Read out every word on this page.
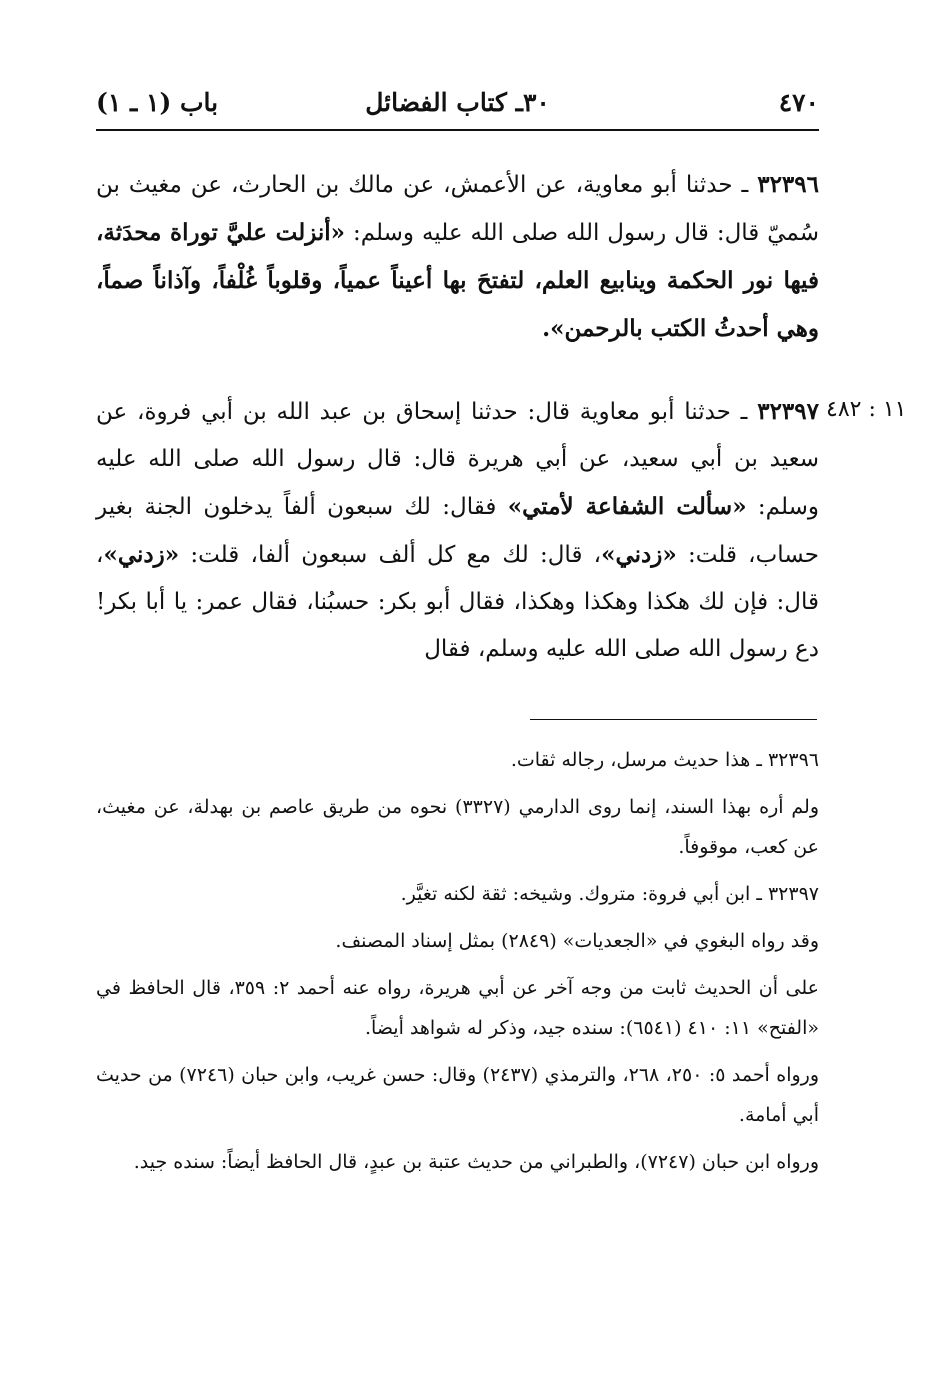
٤٧٠
٣٠ـ كتاب الفضائل
باب (١ ـ ١)
٣٢٣٩٦ ـ حدثنا أبو معاوية، عن الأعمش، عن مالك بن الحارث، عن مغيث بن سُميّ قال: قال رسول الله صلى الله عليه وسلم: «أنزلت عليَّ توراة محدَثة، فيها نور الحكمة وينابيع العلم، لتفتحَ بها أعيناً عمياً، وقلوباً غُلْفاً، وآذاناً صماً، وهي أحدثُ الكتب بالرحمن».
١١ : ٤٨٢
٣٢٣٩٧ ـ حدثنا أبو معاوية قال: حدثنا إسحاق بن عبد الله بن أبي فروة، عن سعيد بن أبي سعيد، عن أبي هريرة قال: قال رسول الله صلى الله عليه وسلم: «سألت الشفاعة لأمتي» فقال: لك سبعون ألفاً يدخلون الجنة بغير حساب، قلت: «زدني»، قال: لك مع كل ألف سبعون ألفا، قلت: «زدني»، قال: فإن لك هكذا وهكذا وهكذا، فقال أبو بكر: حسبُنا، فقال عمر: يا أبا بكر! دع رسول الله صلى الله عليه وسلم، فقال

٣٢٣٩٦ ـ هذا حديث مرسل، رجاله ثقات.

ولم أره بهذا السند، إنما روى الدارمي (٣٣٢٧) نحوه من طريق عاصم بن بهدلة، عن مغيث، عن كعب، موقوفاً.

٣٢٣٩٧ ـ ابن أبي فروة: متروك. وشيخه: ثقة لكنه تغيَّر.

وقد رواه البغوي في «الجعديات» (٢٨٤٩) بمثل إسناد المصنف.

على أن الحديث ثابت من وجه آخر عن أبي هريرة، رواه عنه أحمد ٢: ٣٥٩، قال الحافظ في «الفتح» ١١: ٤١٠ (٦٥٤١): سنده جيد، وذكر له شواهد أيضاً.

ورواه أحمد ٥: ٢٥٠، ٢٦٨، والترمذي (٢٤٣٧) وقال: حسن غريب، وابن حبان (٧٢٤٦) من حديث أبي أمامة.

ورواه ابن حبان (٧٢٤٧)، والطبراني من حديث عتبة بن عبدٍ، قال الحافظ أيضاً: سنده جيد.
